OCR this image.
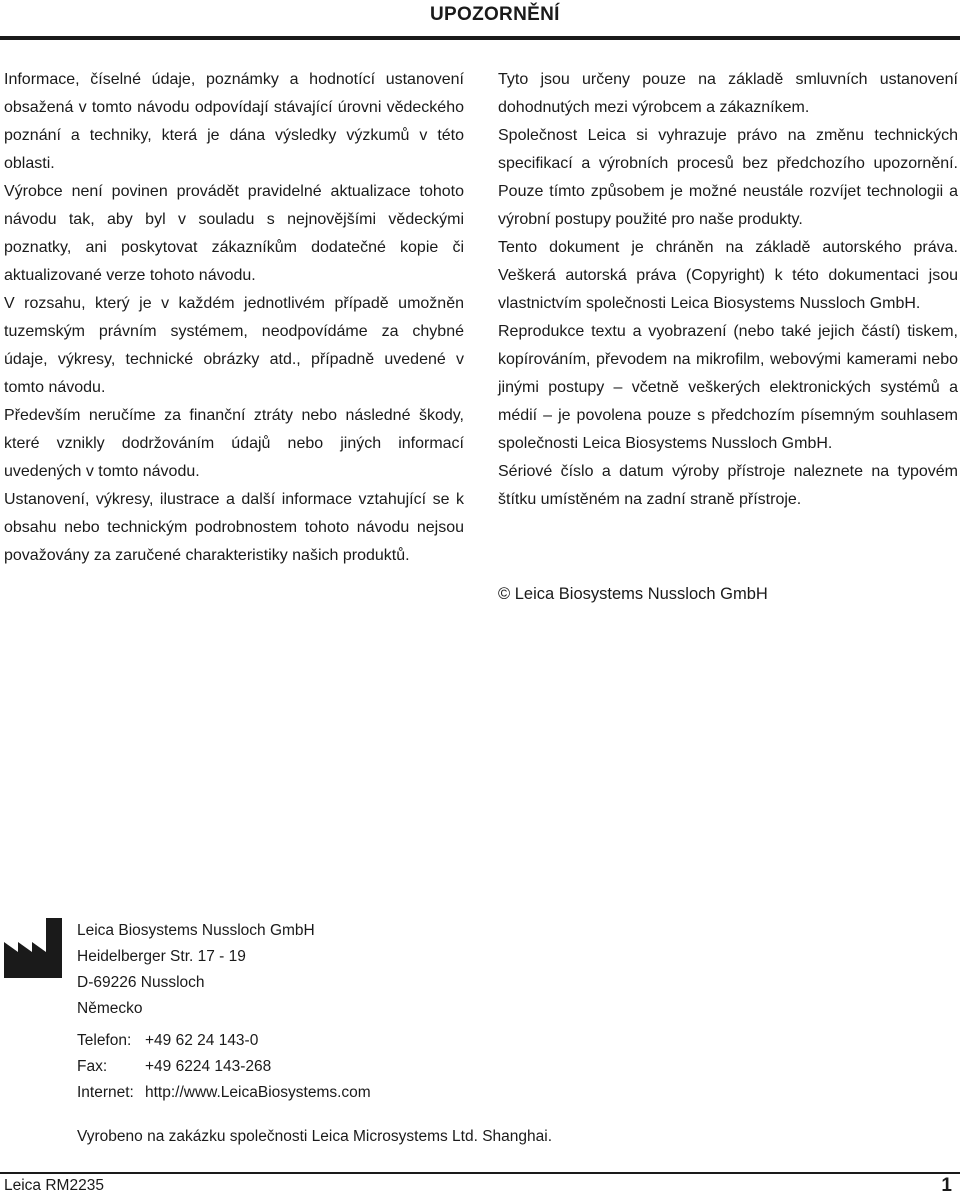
UPOZORNĚNÍ

Informace, číselné údaje, poznámky a hodnotící ustanovení obsažená v tomto návodu odpovídají stávající úrovni vědeckého poznání a techniky, která je dána výsledky výzkumů v této oblasti.

Výrobce není povinen provádět pravidelné aktualizace tohoto návodu tak, aby byl v souladu s nejnovějšími vědeckými poznatky, ani poskytovat zákazníkům dodatečné kopie či aktualizované verze tohoto návodu.

V rozsahu, který je v každém jednotlivém případě umožněn tuzemským právním systémem, neodpovídáme za chybné údaje, výkresy, technické obrázky atd., případně uvedené v tomto návodu.

Především neručíme za finanční ztráty nebo následné škody, které vznikly dodržováním údajů nebo jiných informací uvedených v tomto návodu.

Ustanovení, výkresy, ilustrace a další informace vztahující se k obsahu nebo technickým podrobnostem tohoto návodu nejsou považovány za zaručené charakteristiky našich produktů.

Tyto jsou určeny pouze na základě smluvních ustanovení dohodnutých mezi výrobcem a zákazníkem.

Společnost Leica si vyhrazuje právo na změnu technických specifikací a výrobních procesů bez předchozího upozornění. Pouze tímto způsobem je možné neustále rozvíjet technologii a výrobní postupy použité pro naše produkty.

Tento dokument je chráněn na základě autorského práva. Veškerá autorská práva (Copyright) k této dokumentaci jsou vlastnictvím společnosti Leica Biosystems Nussloch GmbH.

Reprodukce textu a vyobrazení (nebo také jejich částí) tiskem, kopírováním, převodem na mikrofilm, webovými kamerami nebo jinými postupy – včetně veškerých elektronických systémů a médií – je povolena pouze s předchozím písemným souhlasem společnosti Leica Biosystems Nussloch GmbH.

Sériové číslo a datum výroby přístroje naleznete na typovém štítku umístěném na zadní straně přístroje.

© Leica Biosystems Nussloch GmbH
Leica Biosystems Nussloch GmbH
Heidelberger Str. 17 - 19
D-69226 Nussloch
Německo
Telefon: +49 62 24 143-0
Fax:	+49 6224 143-268
Internet: http://www.LeicaBiosystems.com
Vyrobeno na zakázku společnosti Leica Microsystems Ltd. Shanghai.
Leica RM2235	1
